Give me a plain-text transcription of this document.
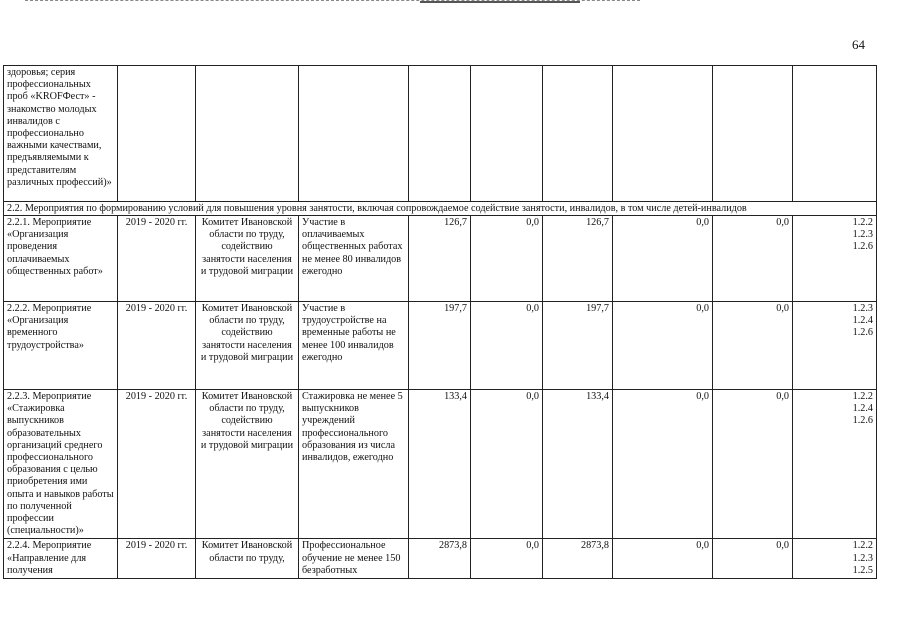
64
здоровья; серия профессиональных проб «KROFФест» - знакомство молодых инвалидов с профессионально важными качествами, предъявляемыми к представителям различных профессий)»									
2.2. Мероприятия по формированию условий для повышения уровня занятости, включая сопровождаемое содействие занятости, инвалидов, в том числе детей-инвалидов									
2.2.1. Мероприятие «Организация проведения оплачиваемых общественных работ»	2019 - 2020 гг.	Комитет Ивановской области по труду, содействию занятости населения и трудовой миграции	Участие в оплачиваемых общественных работах не менее 80 инвалидов ежегодно	126,7	0,0	126,7	0,0	0,0	1.2.2
1.2.3
1.2.6

2.2.2. Мероприятие «Организация временного трудоустройства»	2019 - 2020 гг.	Комитет Ивановской области по труду, содействию занятости населения и трудовой миграции	Участие в трудоустройстве на временные работы не менее 100 инвалидов ежегодно	197,7	0,0	197,7	0,0	0,0	1.2.3
1.2.4
1.2.6

2.2.3. Мероприятие «Стажировка выпускников образовательных организаций среднего профессионального образования с целью приобретения ими опыта и навыков работы по полученной профессии (специальности)»	2019 - 2020 гг.	Комитет Ивановской области по труду, содействию занятости населения и трудовой миграции	Стажировка не менее 5 выпускников учреждений профессионального образования из числа инвалидов, ежегодно	133,4	0,0	133,4	0,0	0,0	1.2.2
1.2.4
1.2.6

2.2.4. Мероприятие «Направление для получения	2019 - 2020 гг.	Комитет Ивановской области по труду,	Профессиональное обучение не менее 150 безработных	2873,8	0,0	2873,8	0,0	0,0	1.2.2
1.2.3
1.2.5
